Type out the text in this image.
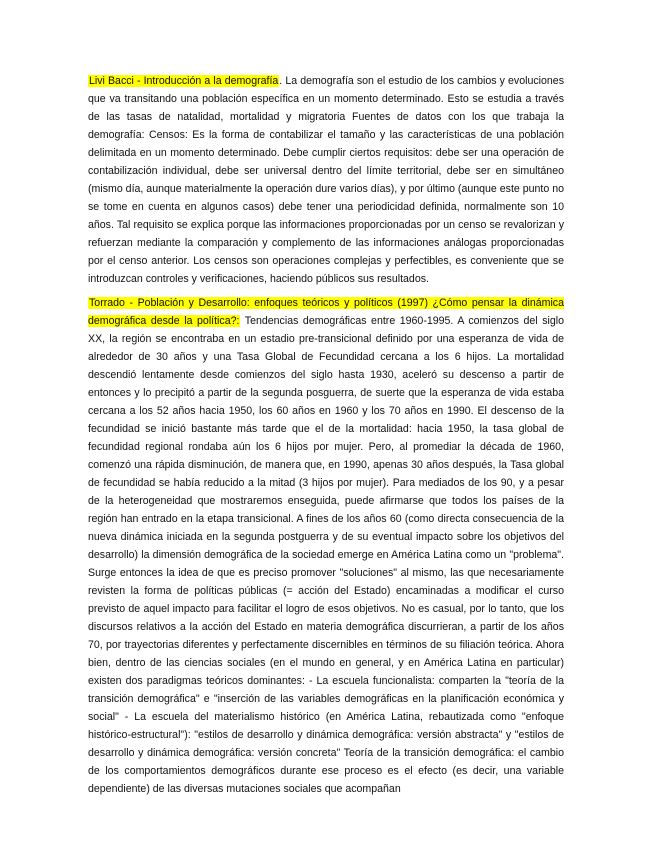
Livi Bacci - Introducción a la demografía. La demografía son el estudio de los cambios y evoluciones que va transitando una población específica en un momento determinado. Esto se estudia a través de las tasas de natalidad, mortalidad y migratoria Fuentes de datos con los que trabaja la demografía: Censos: Es la forma de contabilizar el tamaño y las características de una población delimitada en un momento determinado. Debe cumplir ciertos requisitos: debe ser una operación de contabilización individual, debe ser universal dentro del límite territorial, debe ser en simultáneo (mismo día, aunque materialmente la operación dure varios días), y por último (aunque este punto no se tome en cuenta en algunos casos) debe tener una periodicidad definida, normalmente son 10 años. Tal requisito se explica porque las informaciones proporcionadas por un censo se revalorizan y refuerzan mediante la comparación y complemento de las informaciones análogas proporcionadas por el censo anterior. Los censos son operaciones complejas y perfectibles, es conveniente que se introduzcan controles y verificaciones, haciendo públicos sus resultados.

Torrado - Población y Desarrollo: enfoques teóricos y políticos (1997) ¿Cómo pensar la dinámica demográfica desde la política?: Tendencias demográficas entre 1960-1995. A comienzos del siglo XX, la región se encontraba en un estadio pre-transicional definido por una esperanza de vida de alrededor de 30 años y una Tasa Global de Fecundidad cercana a los 6 hijos. La mortalidad descendió lentamente desde comienzos del siglo hasta 1930, aceleró su descenso a partir de entonces y lo precipitó a partir de la segunda posguerra, de suerte que la esperanza de vida estaba cercana a los 52 años hacia 1950, los 60 años en 1960 y los 70 años en 1990. El descenso de la fecundidad se inició bastante más tarde que el de la mortalidad: hacia 1950, la tasa global de fecundidad regional rondaba aún los 6 hijos por mujer. Pero, al promediar la década de 1960, comenzó una rápida disminución, de manera que, en 1990, apenas 30 años después, la Tasa global de fecundidad se había reducido a la mitad (3 hijos por mujer). Para mediados de los 90, y a pesar de la heterogeneidad que mostraremos enseguida, puede afirmarse que todos los países de la región han entrado en la etapa transicional. A fines de los años 60 (como directa consecuencia de la nueva dinámica iniciada en la segunda postguerra y de su eventual impacto sobre los objetivos del desarrollo) la dimensión demográfica de la sociedad emerge en América Latina como un "problema". Surge entonces la idea de que es preciso promover "soluciones" al mismo, las que necesariamente revisten la forma de políticas públicas (= acción del Estado) encaminadas a modificar el curso previsto de aquel impacto para facilitar el logro de esos objetivos. No es casual, por lo tanto, que los discursos relativos a la acción del Estado en materia demográfica discurrieran, a partir de los años 70, por trayectorias diferentes y perfectamente discernibles en términos de su filiación teórica. Ahora bien, dentro de las ciencias sociales (en el mundo en general, y en América Latina en particular) existen dos paradigmas teóricos dominantes: - La escuela funcionalista: comparten la "teoría de la transición demográfica" e "inserción de las variables demográficas en la planificación económica y social" - La escuela del materialismo histórico (en América Latina, rebautizada como "enfoque histórico-estructural"): "estilos de desarrollo y dinámica demográfica: versión abstracta" y "estilos de desarrollo y dinámica demográfica: versión concreta" Teoría de la transición demográfica: el cambio de los comportamientos demográficos durante ese proceso es el efecto (es decir, una variable dependiente) de las diversas mutaciones sociales que acompañan
